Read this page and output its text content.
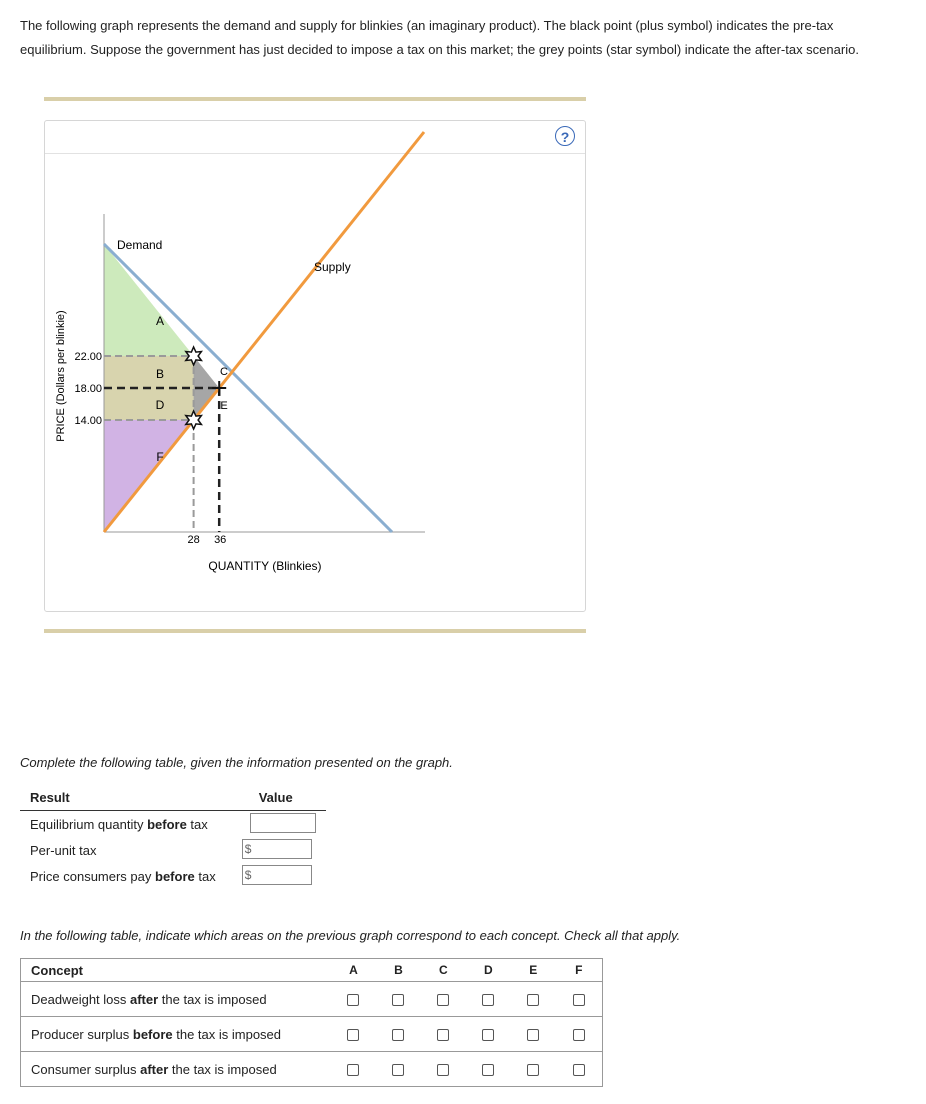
The following graph represents the demand and supply for blinkies (an imaginary product). The black point (plus symbol) indicates the pre-tax
equilibrium. Suppose the government has just decided to impose a tax on this market; the grey points (star symbol) indicate the after-tax scenario.
?
Demand
Supply
A
B	C
D	E
F
22.00
18.00
14.00
28 36
QUANTITY (Blinkies)
PRICE (Dollars per blinkie)
Complete the following table, given the information presented on the graph.
Result	Value
Equilibrium quantity before tax	

Per-unit tax	$

Price consumers pay before tax	$
In the following table, indicate which areas on the previous graph correspond to each concept. Check all that apply.
Concept	A	B	C	D	E	F
Deadweight loss after the tax is imposed						
Producer surplus before the tax is imposed						
Consumer surplus after the tax is imposed						
